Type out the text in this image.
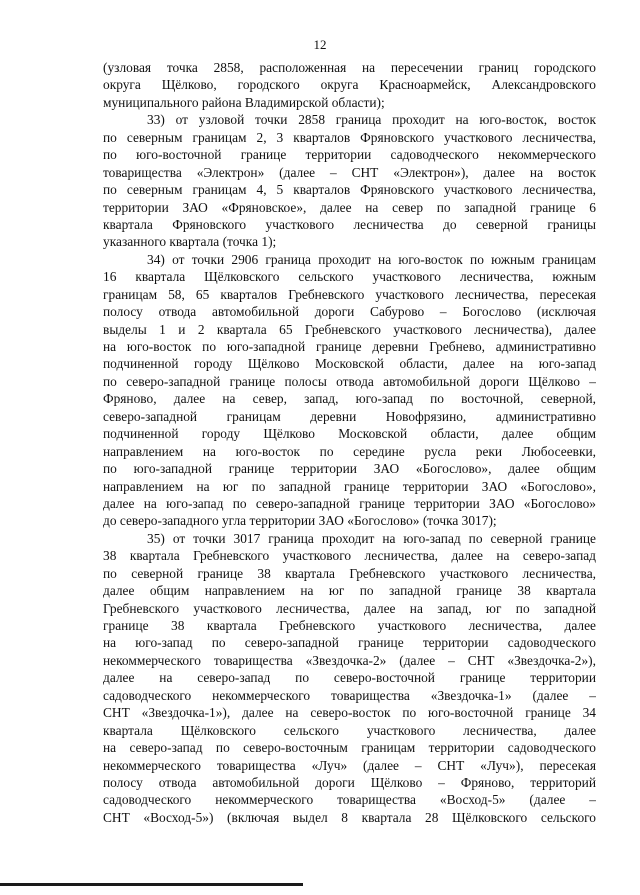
12
(узловая точка 2858, расположенная на пересечении границ городского
округа Щёлково, городского округа Красноармейск, Александровского
муниципального района Владимирской области);
33) от узловой точки 2858 граница проходит на юго-восток, восток
по северным границам 2, 3 кварталов Фряновского участкового лесничества,
по юго-восточной границе территории садоводческого некоммерческого
товарищества «Электрон» (далее – СНТ «Электрон»), далее на восток
по северным границам 4, 5 кварталов Фряновского участкового лесничества,
территории ЗАО «Фряновское», далее на север по западной границе 6
квартала Фряновского участкового лесничества до северной границы
указанного квартала (точка 1);
34) от точки 2906 граница проходит на юго-восток по южным границам
16 квартала Щёлковского сельского участкового лесничества, южным
границам 58, 65 кварталов Гребневского участкового лесничества, пересекая
полосу отвода автомобильной дороги Сабурово – Богослово (исключая
выделы 1 и 2 квартала 65 Гребневского участкового лесничества), далее
на юго-восток по юго-западной границе деревни Гребнево, административно
подчиненной городу Щёлково Московской области, далее на юго-запад
по северо-западной границе полосы отвода автомобильной дороги Щёлково –
Фряново, далее на север, запад, юго-запад по восточной, северной,
северо-западной границам деревни Новофрязино, административно
подчиненной городу Щёлково Московской области, далее общим
направлением на юго-восток по середине русла реки Любосеевки,
по юго-западной границе территории ЗАО «Богослово», далее общим
направлением на юг по западной границе территории ЗАО «Богослово»,
далее на юго-запад по северо-западной границе территории ЗАО «Богослово»
до северо-западного угла территории ЗАО «Богослово» (точка 3017);
35) от точки 3017 граница проходит на юго-запад по северной границе
38 квартала Гребневского участкового лесничества, далее на северо-запад
по северной границе 38 квартала Гребневского участкового лесничества,
далее общим направлением на юг по западной границе 38 квартала
Гребневского участкового лесничества, далее на запад, юг по западной
границе 38 квартала Гребневского участкового лесничества, далее
на юго-запад по северо-западной границе территории садоводческого
некоммерческого товарищества «Звездочка-2» (далее – СНТ «Звездочка-2»),
далее на северо-запад по северо-восточной границе территории
садоводческого некоммерческого товарищества «Звездочка-1» (далее –
СНТ «Звездочка-1»), далее на северо-восток по юго-восточной границе 34
квартала Щёлковского сельского участкового лесничества, далее
на северо-запад по северо-восточным границам территории садоводческого
некоммерческого товарищества «Луч» (далее – СНТ «Луч»), пересекая
полосу отвода автомобильной дороги Щёлково – Фряново, территорий
садоводческого некоммерческого товарищества «Восход-5» (далее –
СНТ «Восход-5») (включая выдел 8 квартала 28 Щёлковского сельского
